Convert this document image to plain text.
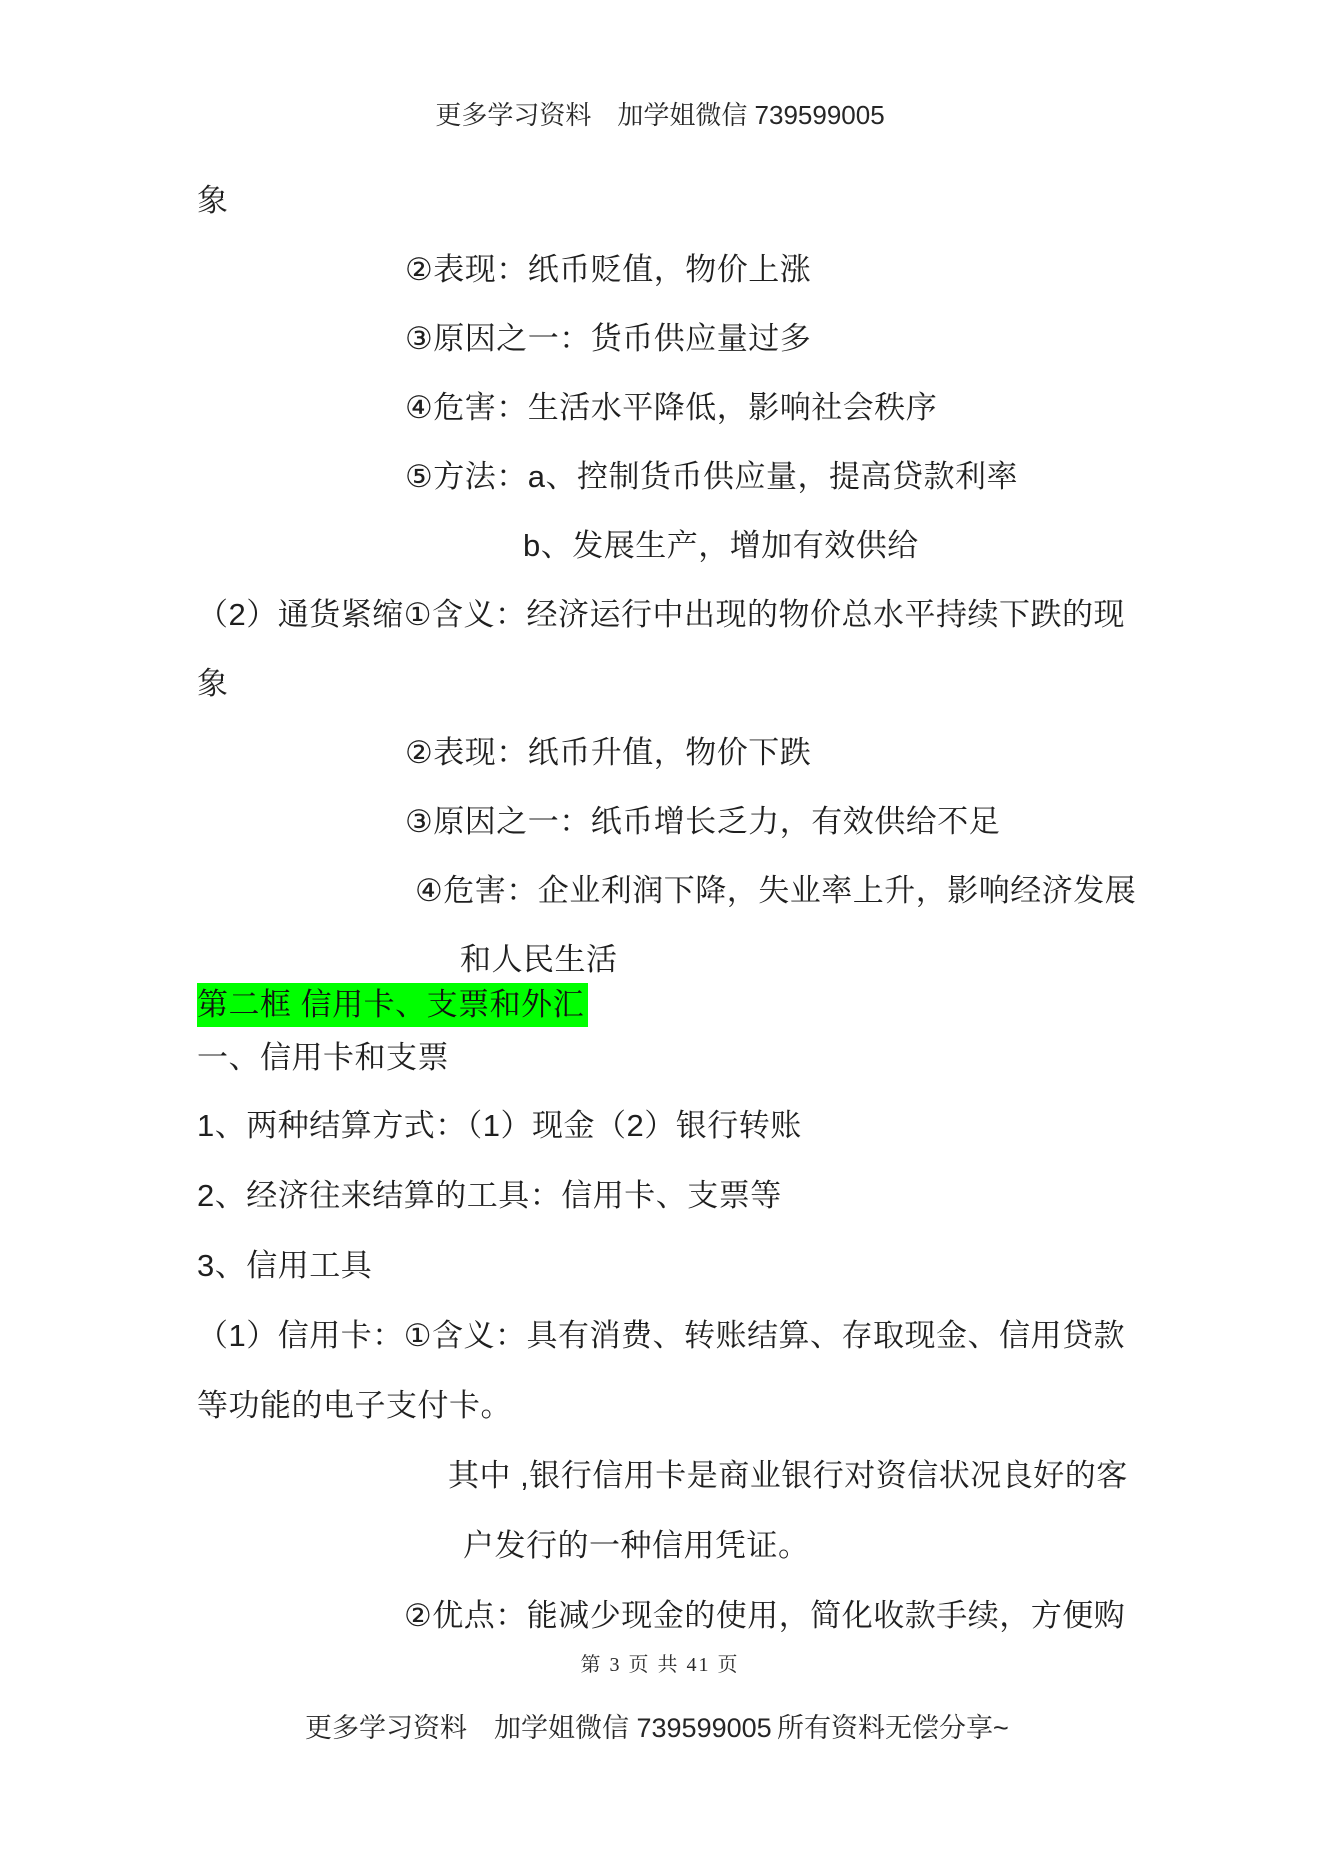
更多学习资料　加学姐微信 739599005
象
②表现：纸币贬值，物价上涨
③原因之一：货币供应量过多
④危害：生活水平降低，影响社会秩序
⑤方法：a、控制货币供应量，提高贷款利率
b、发展生产，增加有效供给
（2）通货紧缩①含义：经济运行中出现的物价总水平持续下跌的现
象
②表现：纸币升值，物价下跌
③原因之一：纸币增长乏力，有效供给不足
④危害：企业利润下降，失业率上升，影响经济发展
和人民生活
第二框 信用卡、支票和外汇
一、信用卡和支票
1、两种结算方式：（1）现金（2）银行转账
2、经济往来结算的工具：信用卡、支票等
3、信用工具
（1）信用卡：①含义：具有消费、转账结算、存取现金、信用贷款
等功能的电子支付卡。
其中 ,银行信用卡是商业银行对资信状况良好的客
户发行的一种信用凭证。
②优点：能减少现金的使用，简化收款手续，方便购
第 3 页 共 41 页
更多学习资料　加学姐微信 739599005 所有资料无偿分享~
